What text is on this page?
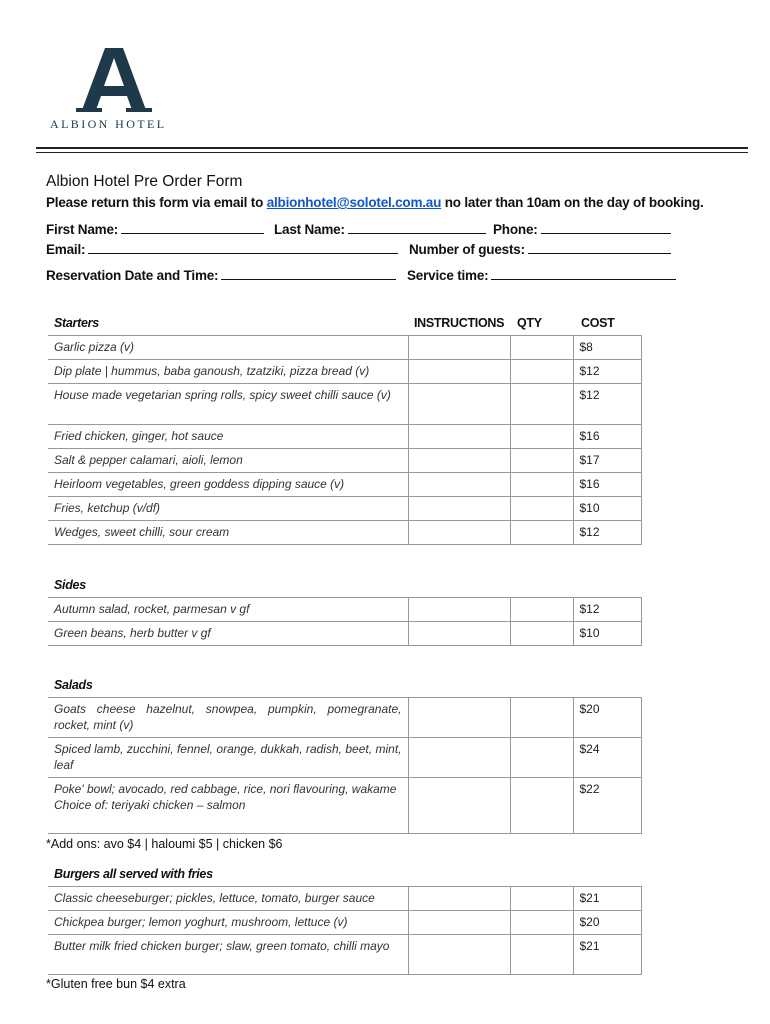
ALBION HOTEL
Albion Hotel Pre Order Form
Please return this form via email to albionhotel@solotel.com.au no later than 10am on the day of booking.
First Name:	Last Name:	Phone:
Email:	Number of guests:
Reservation Date and Time:	Service time:
Starters	INSTRUCTIONS QTY	COST
Garlic pizza (v)			$8
Dip plate | hummus, baba ganoush, tzatziki, pizza bread (v)			$12
House made vegetarian spring rolls, spicy sweet chilli sauce (v)			$12
Fried chicken, ginger, hot sauce			$16
Salt & pepper calamari, aioli, lemon			$17
Heirloom vegetables, green goddess dipping sauce (v)			$16
Fries, ketchup (v/df)			$10
Wedges, sweet chilli, sour cream			$12
Sides
Autumn salad, rocket, parmesan v gf			$12
Green beans, herb butter v gf			$10
Salads
Goats cheese hazelnut, snowpea, pumpkin, pomegranate, rocket, mint (v)			$20
Spiced lamb, zucchini, fennel, orange, dukkah, radish, beet, mint, leaf			$24

Poke' bowl; avocado, red cabbage, rice, nori flavouring, wakame
Choice of: teriyaki chicken – salmon			$22
*Add ons: avo $4 | haloumi $5 | chicken $6
Burgers all served with fries
Classic cheeseburger; pickles, lettuce, tomato, burger sauce			$21
Chickpea burger; lemon yoghurt, mushroom, lettuce (v)			$20
Butter milk fried chicken burger; slaw, green tomato, chilli mayo			$21
*Gluten free bun $4 extra
